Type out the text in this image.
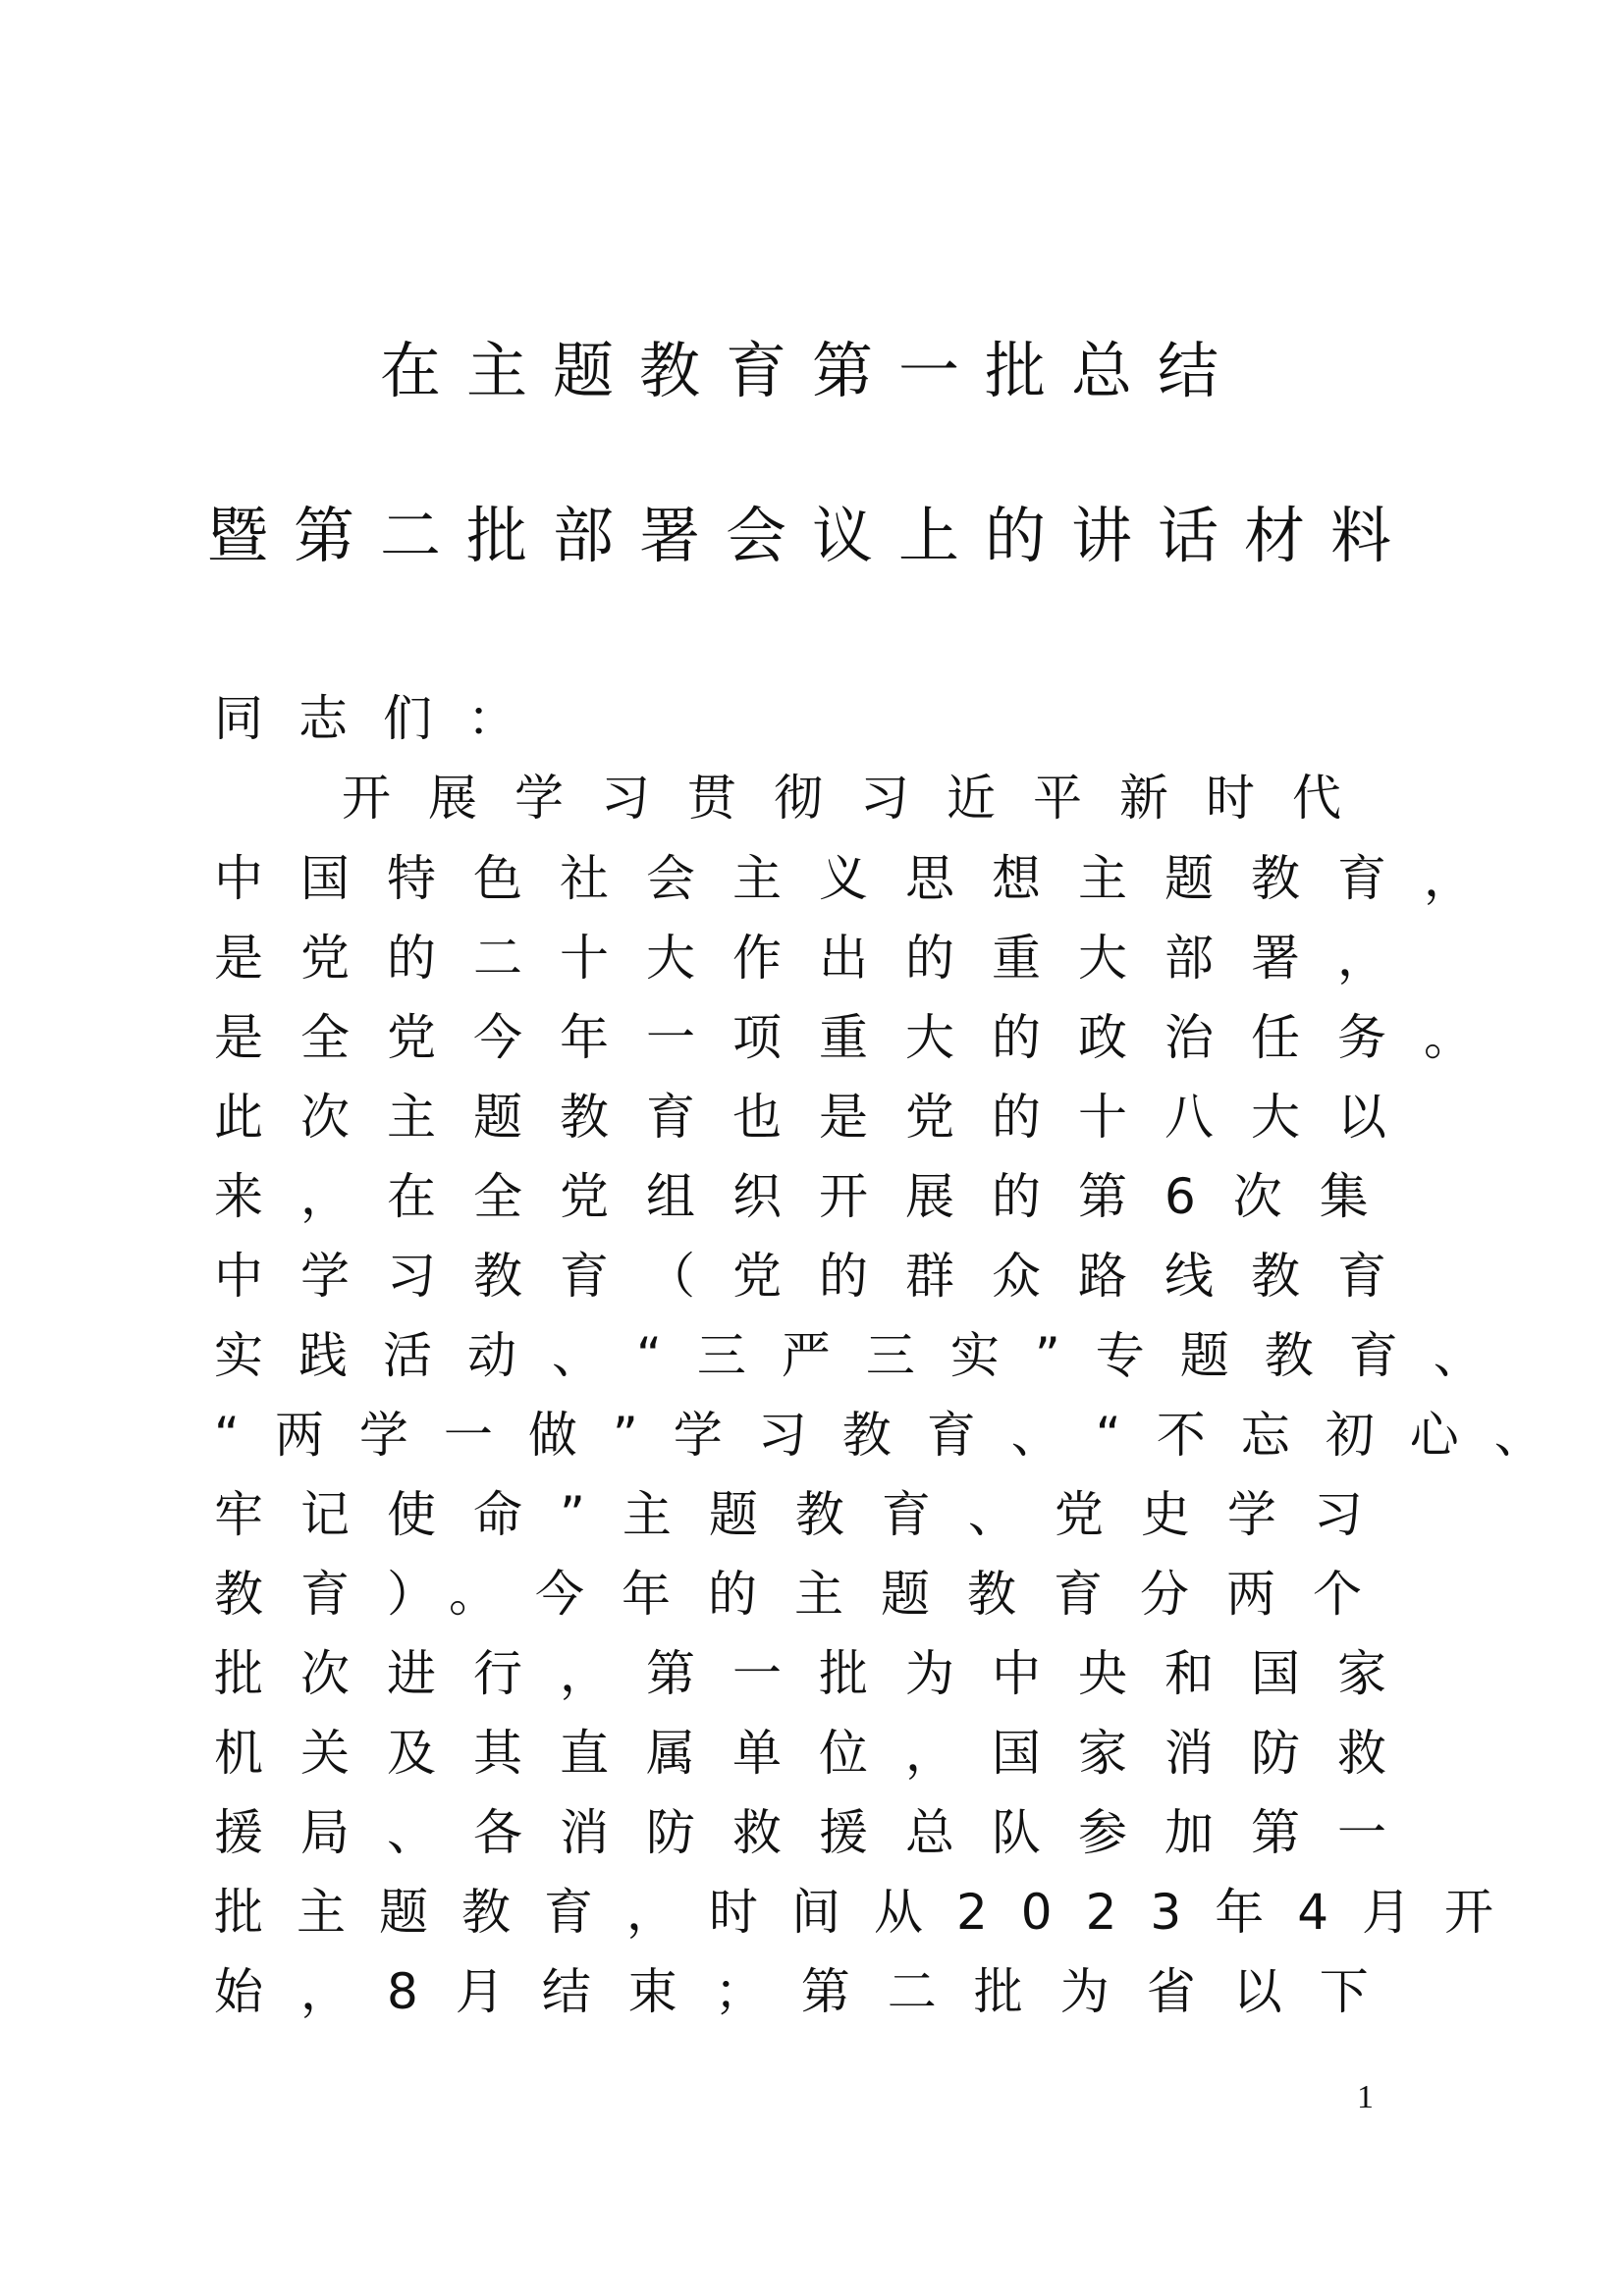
在主题教育第一批总结
暨第二批部署会议上的讲话材料
同志们：
开展学习贯彻习近平新时代
中国特色社会主义思想主题教育，
是党的二十大作出的重大部署，
是全党今年一项重大的政治任务。
此次主题教育也是党的十八大以
来，在全党组织开展的第6次集
中学习教育（党的群众路线教育
实践活动、“三严三实”专题教育、
“两学一做”学习教育、“不忘初心、
牢记使命”主题教育、党史学习
教育）。今年的主题教育分两个
批次进行，第一批为中央和国家
机关及其直属单位，国家消防救
援局、各消防救援总队参加第一
批主题教育，时间从2023年4月开
始，8月结束；第二批为省以下
1
